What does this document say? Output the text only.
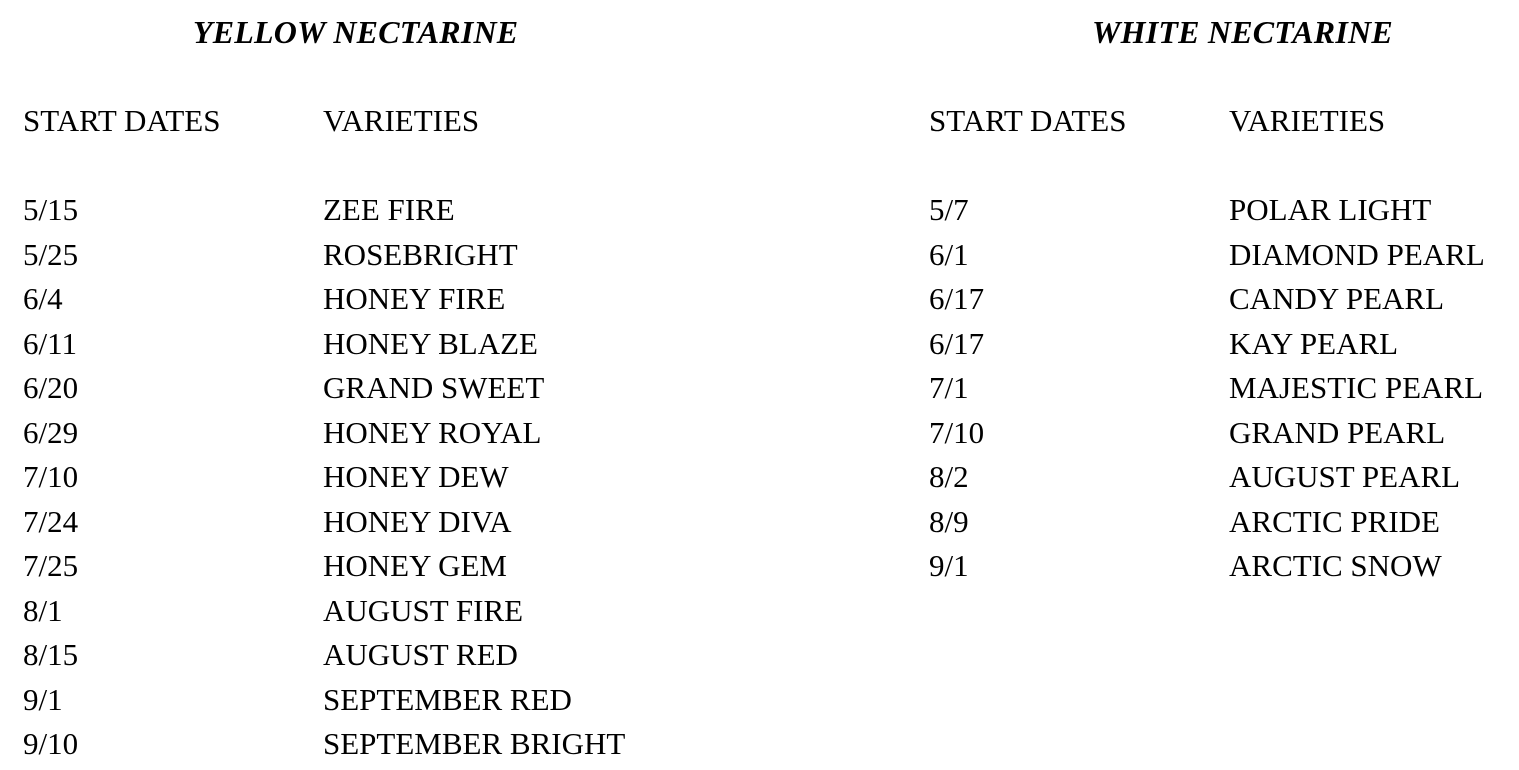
YELLOW NECTARINE
START DATES	VARIETIES
5/15	ZEE FIRE
5/25	ROSEBRIGHT
6/4	HONEY FIRE
6/11	HONEY BLAZE
6/20	GRAND SWEET
6/29	HONEY ROYAL
7/10	HONEY DEW
7/24	HONEY DIVA
7/25	HONEY GEM
8/1	AUGUST FIRE
8/15	AUGUST RED
9/1	SEPTEMBER RED
9/10	SEPTEMBER BRIGHT
WHITE NECTARINE
START DATES	VARIETIES
5/7	POLAR LIGHT
6/1	DIAMOND PEARL
6/17	CANDY PEARL
6/17	KAY PEARL
7/1	MAJESTIC PEARL
7/10	GRAND PEARL
8/2	AUGUST PEARL
8/9	ARCTIC PRIDE
9/1	ARCTIC SNOW
